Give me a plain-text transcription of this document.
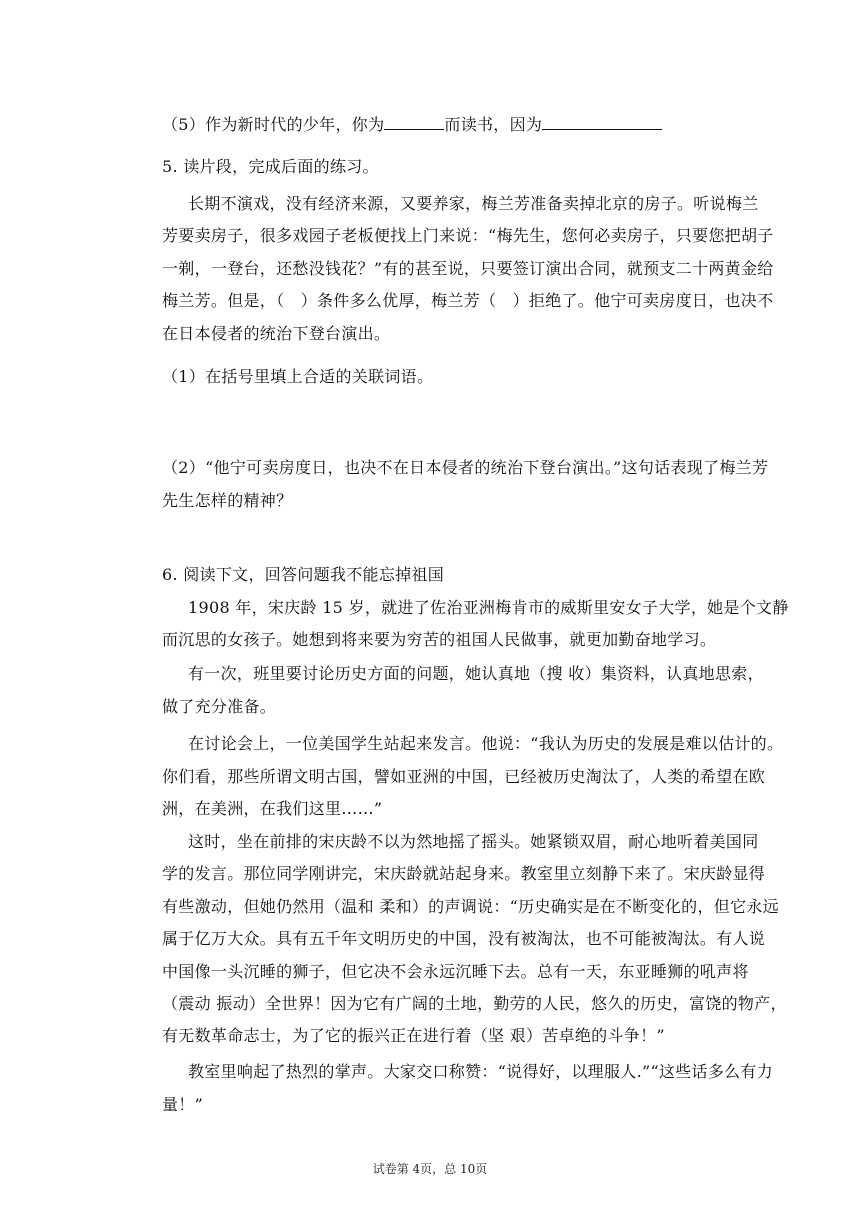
（5）作为新时代的少年，你为	而读书，因为
5. 读片段，完成后面的练习。
长期不演戏，没有经济来源，又要养家，梅兰芳准备卖掉北京的房子。听说梅兰
芳要卖房子，很多戏园子老板便找上门来说：“梅先生，您何必卖房子，只要您把胡子
一剃，一登台，还愁没钱花？”有的甚至说，只要签订演出合同，就预支二十两黄金给
梅兰芳。但是，（　）条件多么优厚，梅兰芳（　）拒绝了。他宁可卖房度日，也决不
在日本侵者的统治下登台演出。
（1）在括号里填上合适的关联词语。
（2）“他宁可卖房度日，也决不在日本侵者的统治下登台演出。”这句话表现了梅兰芳
先生怎样的精神？
6. 阅读下文，回答问题我不能忘掉祖国
1908 年，宋庆龄 15 岁，就进了佐治亚洲梅肯市的威斯里安女子大学，她是个文静
而沉思的女孩子。她想到将来要为穷苦的祖国人民做事，就更加勤奋地学习。
有一次，班里要讨论历史方面的问题，她认真地（搜 收）集资料，认真地思索，
做了充分准备。
在讨论会上，一位美国学生站起来发言。他说：“我认为历史的发展是难以估计的。
你们看，那些所谓文明古国，譬如亚洲的中国，已经被历史淘汰了，人类的希望在欧
洲，在美洲，在我们这里……”
这时，坐在前排的宋庆龄不以为然地摇了摇头。她紧锁双眉，耐心地听着美国同
学的发言。那位同学刚讲完，宋庆龄就站起身来。教室里立刻静下来了。宋庆龄显得
有些激动，但她仍然用（温和 柔和）的声调说：“历史确实是在不断变化的，但它永远
属于亿万大众。具有五千年文明历史的中国，没有被淘汰，也不可能被淘汰。有人说
中国像一头沉睡的狮子，但它决不会永远沉睡下去。总有一天，东亚睡狮的吼声将
（震动 振动）全世界！因为它有广阔的土地，勤劳的人民，悠久的历史，富饶的物产，
有无数革命志士，为了它的振兴正在进行着（坚 艰）苦卓绝的斗争！”
教室里响起了热烈的掌声。大家交口称赞：“说得好，以理服人.”“这些话多么有力
量！”
试卷第 4页，总 10页
